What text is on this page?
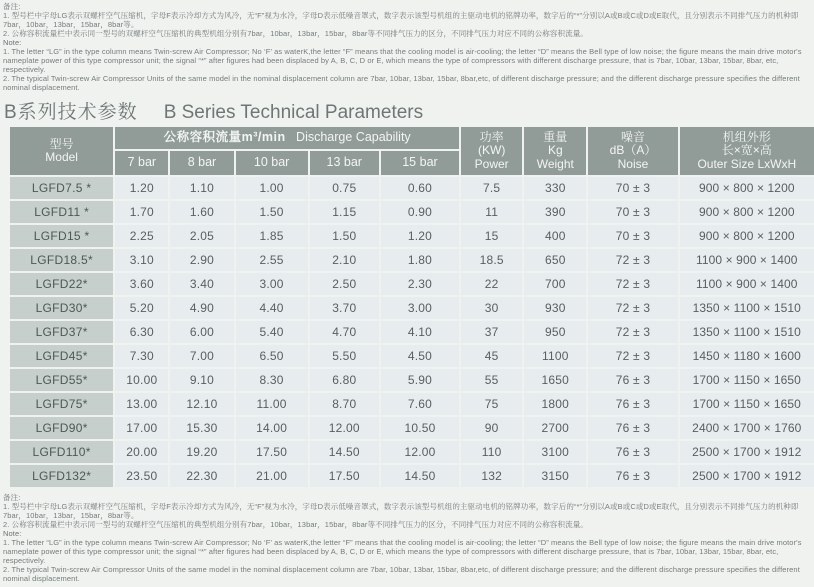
备注:
1. 型号栏中字母LG表示双螺杆空气压缩机，字母F表示冷却方式为风冷，无“F”视为水冷，字母D表示低噪音罩式，数字表示该型号机组的主驱动电机的铭牌功率，数字后的“*”分别以A或B或C或D或E取代，且分别表示不同排气压力的机种即7bar，10bar，13bar，15bar，8bar等。
2. 公称容积流量栏中表示同一型号的双螺杆空气压缩机的典型机组分别有7bar，10bar，13bar，15bar，8bar等不同排气压力的区分，不同排气压力对应不同的公称容积流量。
Note:
1. The letter “LG” in the type column means Twin-screw Air Compressor; No ‘F’ as waterK,the letter “F” means that the cooling model is air-cooling; the letter “D” means the Bell type of low noise; the figure means the main drive motor's nameplate power of this type compressor unit; the signal “*” after figures had been displaced by A, B, C, D or E, which means the type of compressors with different discharge pressure, that is 7bar, 10bar, 13bar, 15bar, 8bar, etc, respectively.
2. The typical Twin-screw Air Compressor Units of the same model in the nominal displacement column are 7bar, 10bar, 13bar, 15bar, 8bar,etc, of different discharge pressure; and the different discharge pressure specifies the different nominal displacement.
B系列技术参数 B Series Technical Parameters
型号
Model	公称容积流量m³/min Discharge Capability					功率
(KW)
Power	重量
Kg
Weight	噪音
dB（A）
Noise	机组外形
长×宽×高
Outer Size LxWxH

	7 bar	8 bar	10 bar	13 bar	15 bar				
LGFD7.5 *	1.20	1.10	1.00	0.75	0.60	7.5	330	70 ± 3	900 × 800 × 1200
LGFD11 *	1.70	1.60	1.50	1.15	0.90	11	390	70 ± 3	900 × 800 × 1200
LGFD15 *	2.25	2.05	1.85	1.50	1.20	15	400	70 ± 3	900 × 800 × 1200
LGFD18.5*	3.10	2.90	2.55	2.10	1.80	18.5	650	72 ± 3	1100 × 900 × 1400
LGFD22*	3.60	3.40	3.00	2.50	2.30	22	700	72 ± 3	1100 × 900 × 1400
LGFD30*	5.20	4.90	4.40	3.70	3.00	30	930	72 ± 3	1350 × 1100 × 1510
LGFD37*	6.30	6.00	5.40	4.70	4.10	37	950	72 ± 3	1350 × 1100 × 1510
LGFD45*	7.30	7.00	6.50	5.50	4.50	45	1100	72 ± 3	1450 × 1180 × 1600
LGFD55*	10.00	9.10	8.30	6.80	5.90	55	1650	76 ± 3	1700 × 1150 × 1650
LGFD75*	13.00	12.10	11.00	8.70	7.60	75	1800	76 ± 3	1700 × 1150 × 1650
LGFD90*	17.00	15.30	14.00	12.00	10.50	90	2700	76 ± 3	2400 × 1700 × 1760
LGFD110*	20.00	19.20	17.50	14.50	12.00	110	3100	76 ± 3	2500 × 1700 × 1912
LGFD132*	23.50	22.30	21.00	17.50	14.50	132	3150	76 ± 3	2500 × 1700 × 1912
备注:
1. 型号栏中字母LG表示双螺杆空气压缩机，字母F表示冷却方式为风冷，无“F”视为水冷，字母D表示低噪音罩式，数字表示该型号机组的主驱动电机的铭牌功率，数字后的“*”分别以A或B或C或D或E取代，且分别表示不同排气压力的机种即7bar，10bar，13bar，15bar，8bar等。
2. 公称容积流量栏中表示同一型号的双螺杆空气压缩机的典型机组分别有7bar，10bar，13bar，15bar，8bar等不同排气压力的区分，不同排气压力对应不同的公称容积流量。
Note:
1. The letter “LG” in the type column means Twin-screw Air Compressor; No ‘F’ as waterK,the letter “F” means that the cooling model is air-cooling; the letter “D” means the Bell type of low noise; the figure means the main drive motor's nameplate power of this type compressor unit; the signal “*” after figures had been displaced by A, B, C, D or E, which means the type of compressors with different discharge pressure, that is 7bar, 10bar, 13bar, 15bar, 8bar, etc, respectively.
2. The typical Twin-screw Air Compressor Units of the same model in the nominal displacement column are 7bar, 10bar, 13bar, 15bar, 8bar,etc, of different discharge pressure; and the different discharge pressure specifies the different nominal displacement.
